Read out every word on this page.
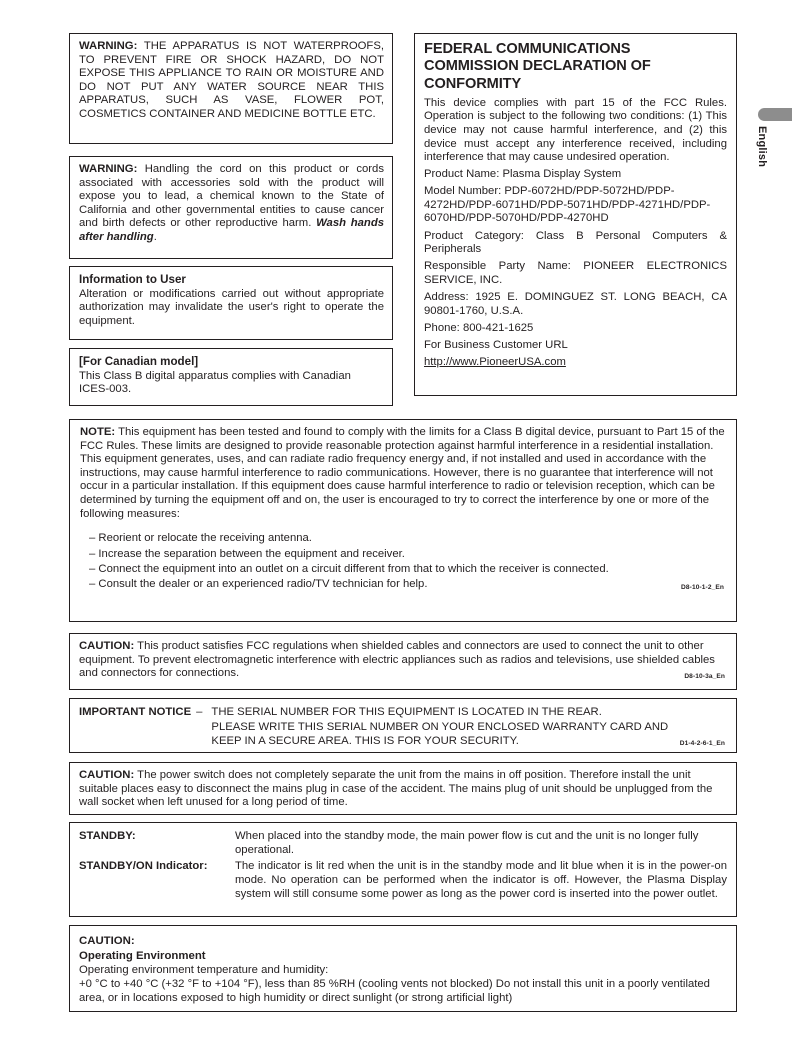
English
WARNING: THE APPARATUS IS NOT WATERPROOFS, TO PREVENT FIRE OR SHOCK HAZARD, DO NOT EXPOSE THIS APPLIANCE TO RAIN OR MOISTURE AND DO NOT PUT ANY WATER SOURCE NEAR THIS APPARATUS, SUCH AS VASE, FLOWER POT, COSMETICS CONTAINER AND MEDICINE BOTTLE ETC.
WARNING: Handling the cord on this product or cords associated with accessories sold with the product will expose you to lead, a chemical known to the State of California and other governmental entities to cause cancer and birth defects or other reproductive harm. Wash hands after handling.
Information to User
Alteration or modifications carried out without appropriate authorization may invalidate the user's right to operate the equipment.
[For Canadian model]
This Class B digital apparatus complies with Canadian ICES-003.
FEDERAL COMMUNICATIONS COMMISSION DECLARATION OF CONFORMITY

This device complies with part 15 of the FCC Rules. Operation is subject to the following two conditions: (1) This device may not cause harmful interference, and (2) this device must accept any interference received, including interference that may cause undesired operation.

Product Name: Plasma Display System

Model Number: PDP-6072HD/PDP-5072HD/PDP-4272HD/PDP-6071HD/PDP-5071HD/PDP-4271HD/PDP-6070HD/PDP-5070HD/PDP-4270HD

Product Category: Class B Personal Computers & Peripherals

Responsible Party Name: PIONEER ELECTRONICS SERVICE, INC.

Address: 1925 E. DOMINGUEZ ST. LONG BEACH, CA 90801-1760, U.S.A.

Phone: 800-421-1625

For Business Customer URL

http://www.PioneerUSA.com

NOTE: This equipment has been tested and found to comply with the limits for a Class B digital device, pursuant to Part 15 of the FCC Rules. These limits are designed to provide reasonable protection against harmful interference in a residential installation.

This equipment generates, uses, and can radiate radio frequency energy and, if not installed and used in accordance with the instructions, may cause harmful interference to radio communications. However, there is no guarantee that interference will not occur in a particular installation. If this equipment does cause harmful interference to radio or television reception, which can be determined by turning the equipment off and on, the user is encouraged to try to correct the interference by one or more of the following measures:

– Reorient or relocate the receiving antenna.
– Increase the separation between the equipment and receiver.
– Connect the equipment into an outlet on a circuit different from that to which the receiver is connected.
– Consult the dealer or an experienced radio/TV technician for help.	D8-10-1-2_En

CAUTION: This product satisfies FCC regulations when shielded cables and connectors are used to connect the unit to other equipment. To prevent electromagnetic interference with electric appliances such as radios and televisions, use shielded cables and connectors for connections.	D8-10-3a_En

IMPORTANT NOTICE – THE SERIAL NUMBER FOR THIS EQUIPMENT IS LOCATED IN THE REAR.

PLEASE WRITE THIS SERIAL NUMBER ON YOUR ENCLOSED WARRANTY CARD AND

KEEP IN A SECURE AREA. THIS IS FOR YOUR SECURITY.	D1-4-2-6-1_En

CAUTION: The power switch does not completely separate the unit from the mains in off position. Therefore install the unit suitable places easy to disconnect the mains plug in case of the accident. The mains plug of unit should be unplugged from the wall socket when left unused for a long period of time.

STANDBY:	When placed into the standby mode, the main power flow is cut and the unit is no longer fully operational.
STANDBY/ON Indicator:	The indicator is lit red when the unit is in the standby mode and lit blue when it is in the power-on mode. No operation can be performed when the indicator is off. However, the Plasma Display system will still consume some power as long as the power cord is inserted into the power outlet.

CAUTION:

Operating Environment

Operating environment temperature and humidity:

+0 °C to +40 °C (+32 °F to +104 °F), less than 85 %RH (cooling vents not blocked) Do not install this unit in a poorly ventilated area, or in locations exposed to high humidity or direct sunlight (or strong artificial light)
